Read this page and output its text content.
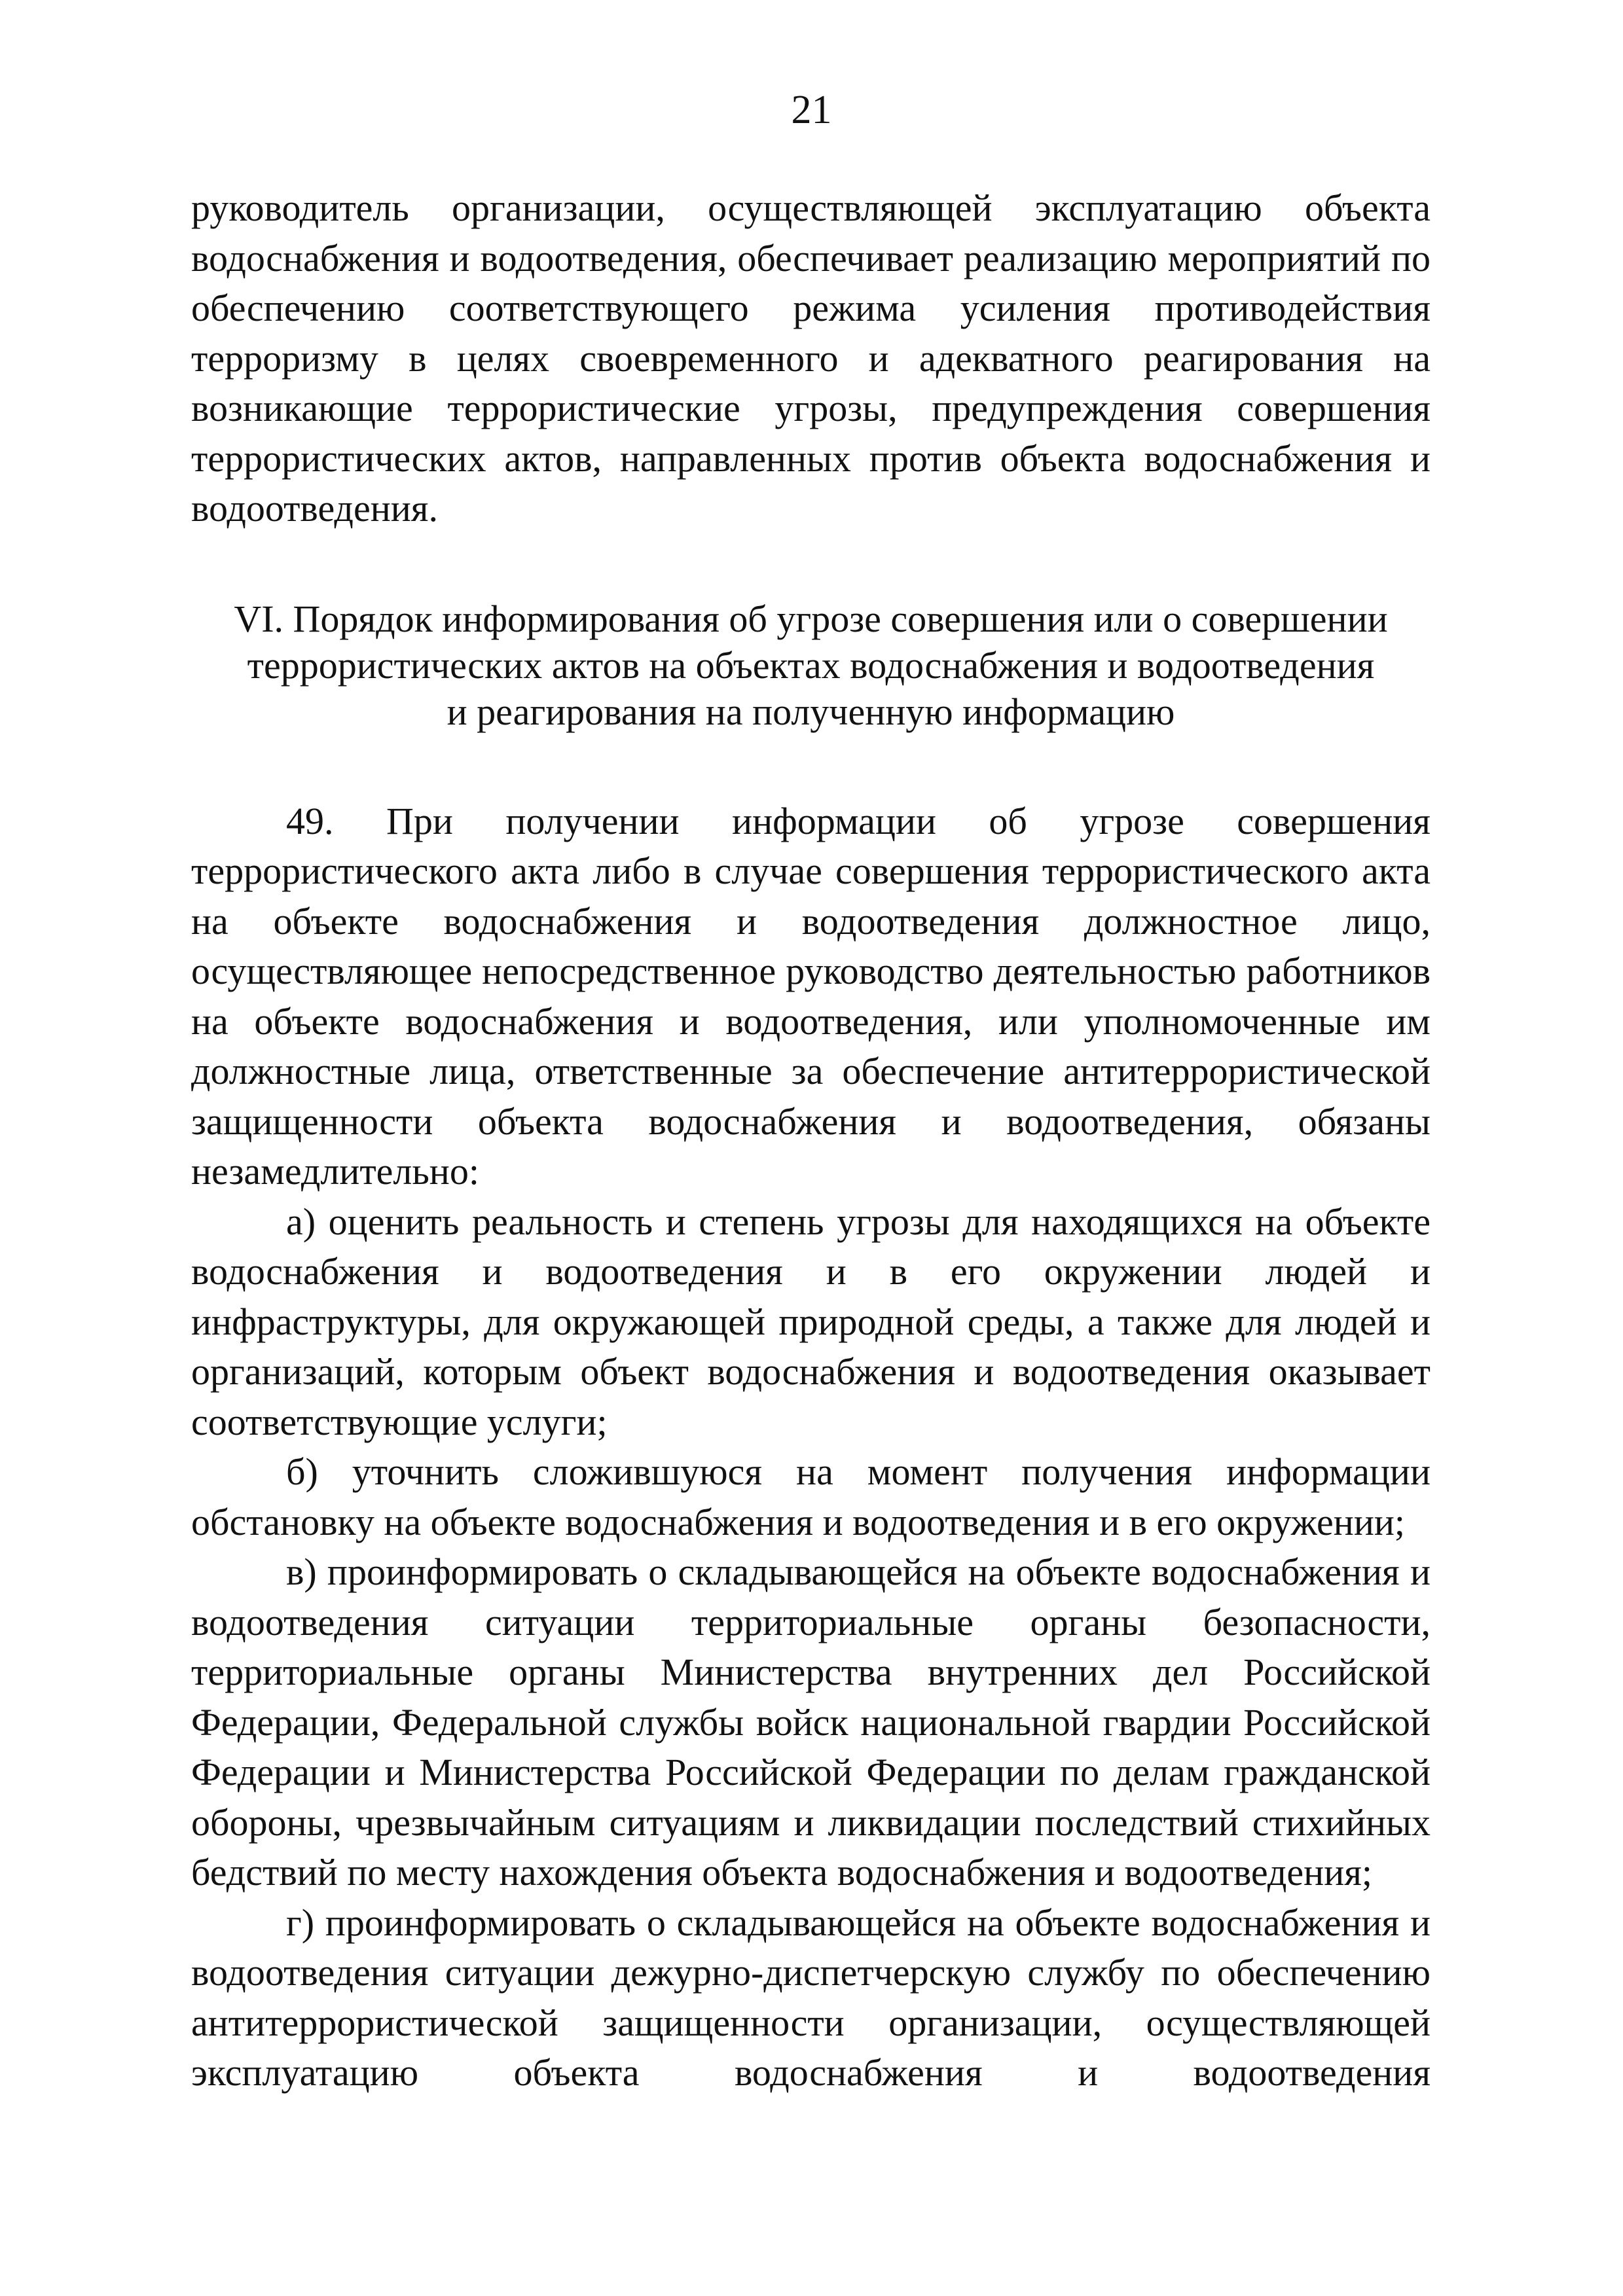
21

руководитель организации, осуществляющей эксплуатацию объекта водоснабжения и водоотведения, обеспечивает реализацию мероприятий по обеспечению соответствующего режима усиления противодействия терроризму в целях своевременного и адекватного реагирования на возникающие террористические угрозы, предупреждения совершения террористических актов, направленных против объекта водоснабжения и водоотведения.

VI. Порядок информирования об угрозе совершения или о совершении
террористических актов на объектах водоснабжения и водоотведения
и реагирования на полученную информацию

49. При получении информации об угрозе совершения террористического акта либо в случае совершения террористического акта на объекте водоснабжения и водоотведения должностное лицо, осуществляющее непосредственное руководство деятельностью работников на объекте водоснабжения и водоотведения, или уполномоченные им должностные лица, ответственные за обеспечение антитеррористической защищенности объекта водоснабжения и водоотведения, обязаны незамедлительно:

а) оценить реальность и степень угрозы для находящихся на объекте водоснабжения и водоотведения и в его окружении людей и инфраструктуры, для окружающей природной среды, а также для людей и организаций, которым объект водоснабжения и водоотведения оказывает соответствующие услуги;

б) уточнить сложившуюся на момент получения информации обстановку на объекте водоснабжения и водоотведения и в его окружении;

в) проинформировать о складывающейся на объекте водоснабжения и водоотведения ситуации территориальные органы безопасности, территориальные органы Министерства внутренних дел Российской Федерации, Федеральной службы войск национальной гвардии Российской Федерации и Министерства Российской Федерации по делам гражданской обороны, чрезвычайным ситуациям и ликвидации последствий стихийных бедствий по месту нахождения объекта водоснабжения и водоотведения;

г) проинформировать о складывающейся на объекте водоснабжения и водоотведения ситуации дежурно-диспетчерскую службу по обеспечению антитеррористической защищенности организации, осуществляющей эксплуатацию объекта водоснабжения и водоотведения
